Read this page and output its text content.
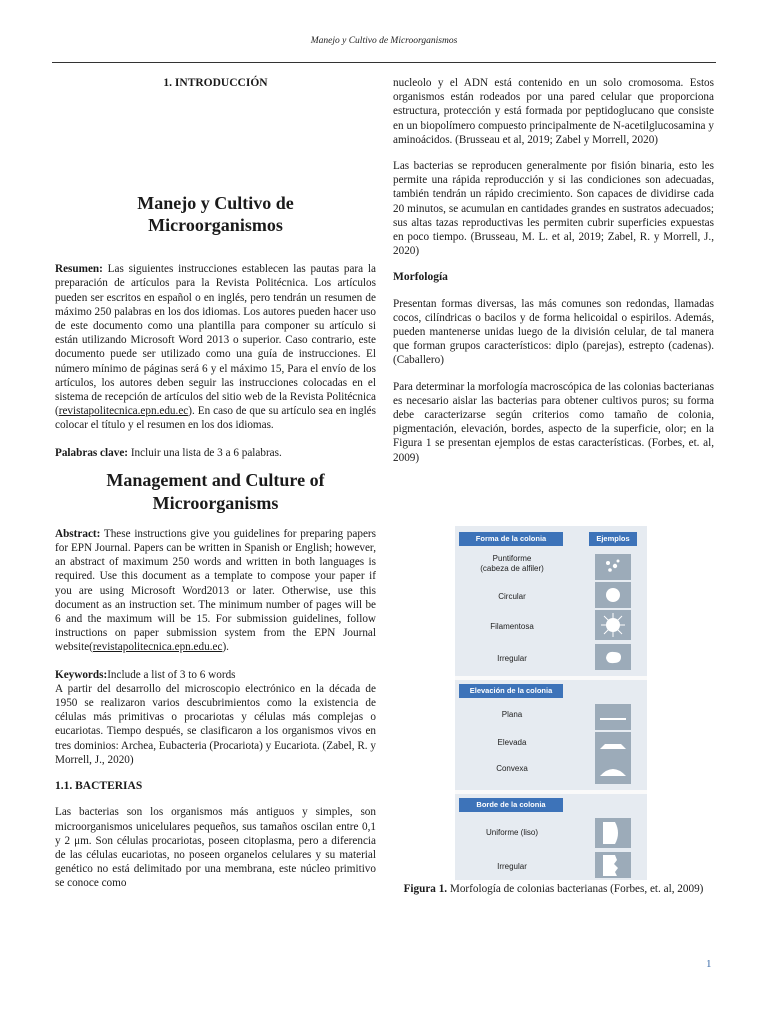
Manejo y Cultivo de Microorganismos

1. INTRODUCCIÓN

Manejo y Cultivo de

Microorganismos

Resumen: Las siguientes instrucciones establecen las pautas para la preparación de artículos para la Revista Politécnica. Los artículos pueden ser escritos en español o en inglés, pero tendrán un resumen de máximo 250 palabras en los dos idiomas. Los autores pueden hacer uso de este documento como una plantilla para componer su artículo si están utilizando Microsoft Word 2013 o superior. Caso contrario, este documento puede ser utilizado como una guía de instrucciones. El número mínimo de páginas será 6 y el máximo 15, Para el envío de los artículos, los autores deben seguir las instrucciones colocadas en el sistema de recepción de artículos del sitio web de la Revista Politécnica (revistapolitecnica.epn.edu.ec). En caso de que su artículo sea en inglés colocar el título y el resumen en los dos idiomas.

Palabras clave: Incluir una lista de 3 a 6 palabras.

Management and Culture of

Microorganisms

Abstract: These instructions give you guidelines for preparing papers for EPN Journal. Papers can be written in Spanish or English; however, an abstract of maximum 250 words and written in both languages is required. Use this document as a template to compose your paper if you are using Microsoft Word2013 or later. Otherwise, use this document as an instruction set. The minimum number of pages will be 6 and the maximum will be 15. For submission guidelines, follow instructions on paper submission system from the EPN Journal website(revistapolitecnica.epn.edu.ec).

Keywords:Include a list of 3 to 6 words

A partir del desarrollo del microscopio electrónico en la década de 1950 se realizaron varios descubrimientos como la existencia de células más primitivas o procariotas y células más complejas o eucariotas. Tiempo después, se clasificaron a los organismos vivos en tres dominios: Archea, Eubacteria (Procariota) y Eucariota. (Zabel, R. y Morrell, J., 2020)

1.1. BACTERIAS

Las bacterias son los organismos más antiguos y simples, son microorganismos unicelulares pequeños, sus tamaños oscilan entre 0,1 y 2 μm. Son células procariotas, poseen citoplasma, pero a diferencia de las células eucariotas, no poseen organelos celulares y su material genético no está delimitado por una membrana, este núcleo primitivo se conoce como

nucleolo y el ADN está contenido en un solo cromosoma. Estos organismos están rodeados por una pared celular que proporciona estructura, protección y está formada por peptidoglucano que consiste en un biopolímero compuesto principalmente de N-acetilglucosamina y aminoácidos. (Brusseau et al, 2019; Zabel y Morrell, 2020)

Las bacterias se reproducen generalmente por fisión binaria, esto les permite una rápida reproducción y si las condiciones son adecuadas, también tendrán un rápido crecimiento. Son capaces de dividirse cada 20 minutos, se acumulan en cantidades grandes en sustratos adecuados; sus altas tazas reproductivas les permiten cubrir superficies expuestas en poco tiempo. (Brusseau, M. L. et al, 2019; Zabel, R. y Morrell, J., 2020)

Morfología

Presentan formas diversas, las más comunes son redondas, llamadas cocos, cilíndricas o bacilos y de forma helicoidal o espirilos. Además, pueden mantenerse unidas luego de la división celular, de tal manera que forman grupos característicos: diplo (parejas), estrepto (cadenas). (Caballero)

Para determinar la morfología macroscópica de las colonias bacterianas es necesario aislar las bacterias para obtener cultivos puros; su forma debe caracterizarse según criterios como tamaño de colonia, pigmentación, elevación, bordes, aspecto de la superficie, olor; en la Figura 1 se presentan ejemplos de estas características. (Forbes, et. al, 2009)

Forma de la colonia	Ejemplos
Puntiforme
(cabeza de alfiler)
Circular
Filamentosa
Irregular
Elevación de la colonia
Plana
Elevada
Convexa
Borde de la colonia
Uniforme (liso)
Irregular
Figura 1. Morfología de colonias bacterianas (Forbes, et. al, 2009)
1
